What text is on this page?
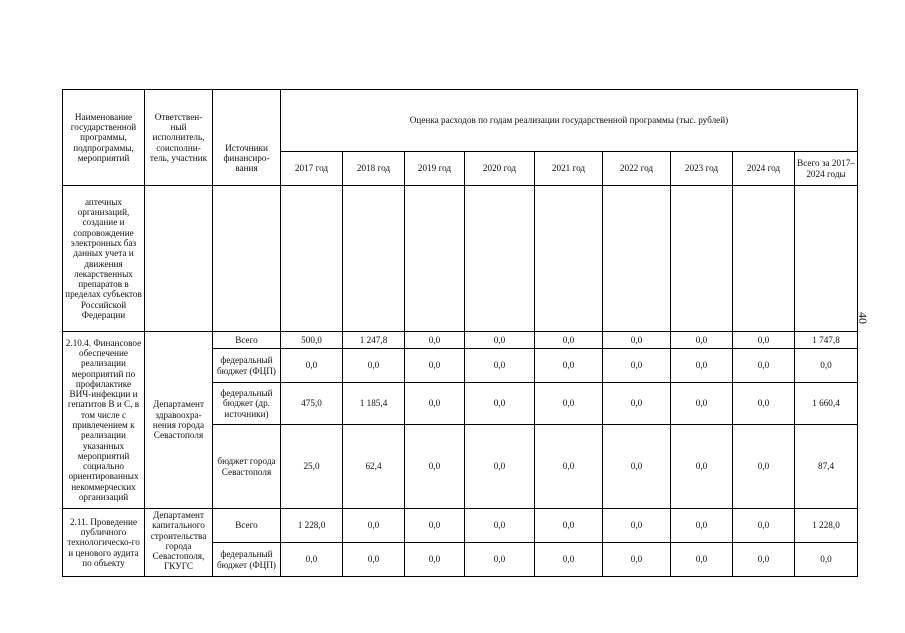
40
Наименование государственной программы, подпрограммы, мероприятий	Ответствен-ный исполнитель, соисполни-тель, участник	Источники финансиро-вания	Оценка расходов по годам реализации государственной программы (тыс. рублей)								
			2017 год	2018 год	2019 год	2020 год	2021 год	2022 год	2023 год	2024 год	Всего за 2017–2024 годы
аптечных организаций, создание и сопровождение электронных баз данных учета и движения лекарственных препаратов в пределах субъектов Российской Федерации											
2.10.4. Финансовое обеспечение реализации мероприятий по профилактике ВИЧ-инфекции и гепатитов В и С, в том числе с привлечением к реализации указанных мероприятий социально ориентированных некоммерческих организаций	Департамент здравоохра-нения города Севастополя	Всего	500,0	1 247,8	0,0	0,0	0,0	0,0	0,0	0,0	1 747,8
		федеральный бюджет (ФЦП)	0,0	0,0	0,0	0,0	0,0	0,0	0,0	0,0	0,0
		федеральный бюджет (др. источники)	475,0	1 185,4	0,0	0,0	0,0	0,0	0,0	0,0	1 660,4
		бюджет города Севастополя	25,0	62,4	0,0	0,0	0,0	0,0	0,0	0,0	87,4
2.11. Проведение публичного технологическо-го и ценового аудита по объекту	Департамент капитального строительства города Севастополя, ГКУГС	Всего	1 228,0	0,0	0,0	0,0	0,0	0,0	0,0	0,0	1 228,0
		федеральный бюджет (ФЦП)	0,0	0,0	0,0	0,0	0,0	0,0	0,0	0,0	0,0
